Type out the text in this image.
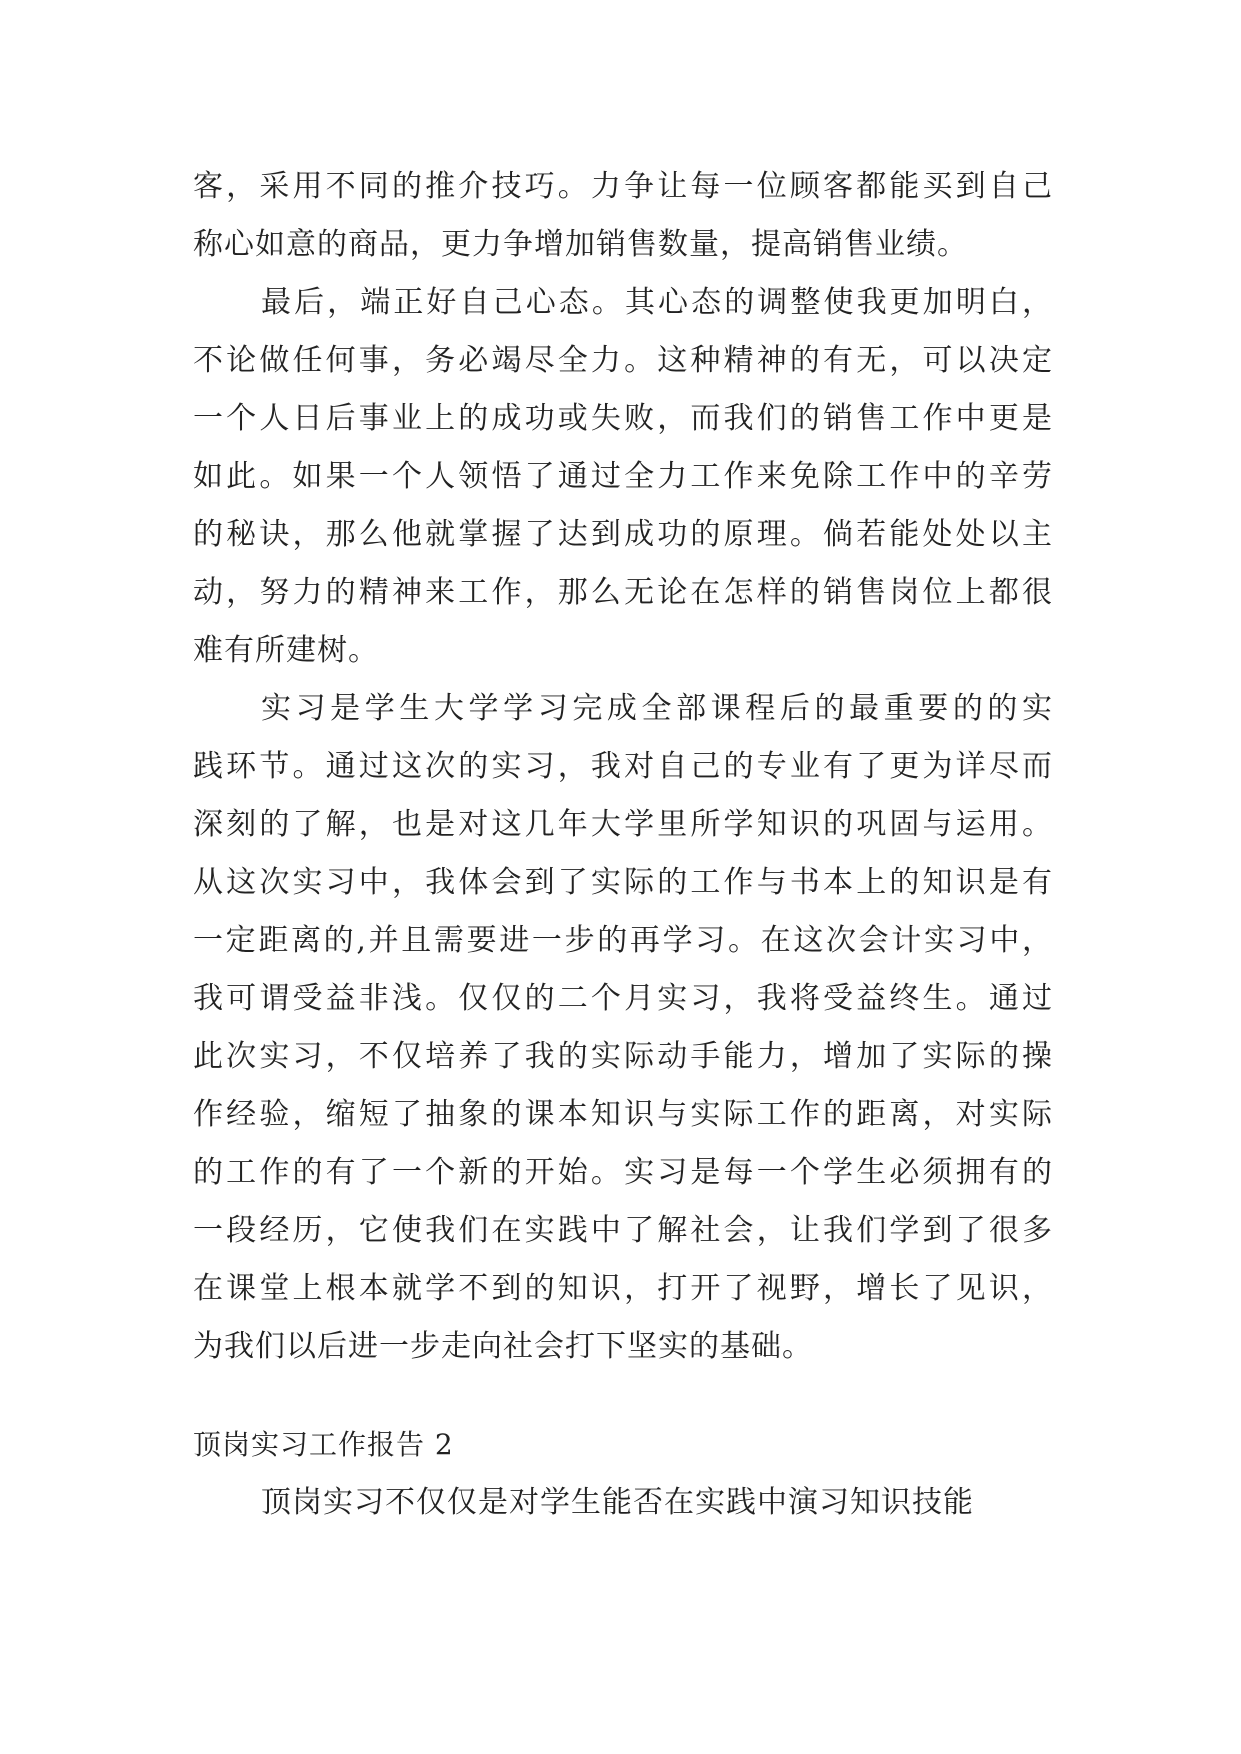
客，采用不同的推介技巧。力争让每一位顾客都能买到自己
称心如意的商品，更力争增加销售数量，提高销售业绩。
最后，端正好自己心态。其心态的调整使我更加明白，
不论做任何事，务必竭尽全力。这种精神的有无，可以决定
一个人日后事业上的成功或失败，而我们的销售工作中更是
如此。如果一个人领悟了通过全力工作来免除工作中的辛劳
的秘诀，那么他就掌握了达到成功的原理。倘若能处处以主
动，努力的精神来工作，那么无论在怎样的销售岗位上都很
难有所建树。
实习是学生大学学习完成全部课程后的最重要的的实
践环节。通过这次的实习，我对自己的专业有了更为详尽而
深刻的了解，也是对这几年大学里所学知识的巩固与运用。
从这次实习中，我体会到了实际的工作与书本上的知识是有
一定距离的,并且需要进一步的再学习。在这次会计实习中，
我可谓受益非浅。仅仅的二个月实习，我将受益终生。通过
此次实习，不仅培养了我的实际动手能力，增加了实际的操
作经验，缩短了抽象的课本知识与实际工作的距离，对实际
的工作的有了一个新的开始。实习是每一个学生必须拥有的
一段经历，它使我们在实践中了解社会，让我们学到了很多
在课堂上根本就学不到的知识，打开了视野，增长了见识，
为我们以后进一步走向社会打下坚实的基础。
顶岗实习工作报告 2
顶岗实习不仅仅是对学生能否在实践中演习知识技能
